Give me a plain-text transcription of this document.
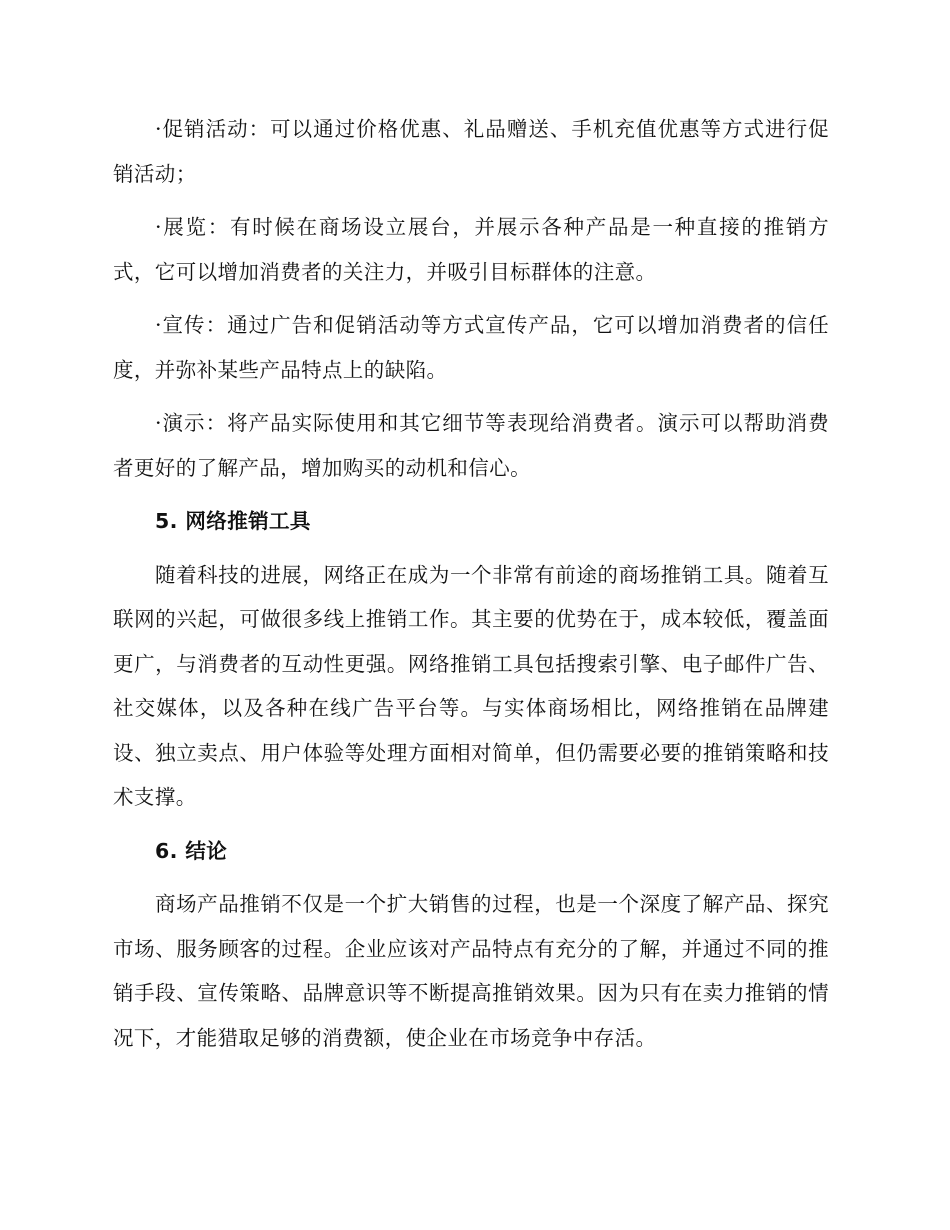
·促销活动：可以通过价格优惠、礼品赠送、手机充值优惠等方式进行促销活动；

·展览：有时候在商场设立展台，并展示各种产品是一种直接的推销方式，它可以增加消费者的关注力，并吸引目标群体的注意。

·宣传：通过广告和促销活动等方式宣传产品，它可以增加消费者的信任度，并弥补某些产品特点上的缺陷。

·演示：将产品实际使用和其它细节等表现给消费者。演示可以帮助消费者更好的了解产品，增加购买的动机和信心。

5. 网络推销工具

随着科技的进展，网络正在成为一个非常有前途的商场推销工具。随着互联网的兴起，可做很多线上推销工作。其主要的优势在于，成本较低，覆盖面更广，与消费者的互动性更强。网络推销工具包括搜索引擎、电子邮件广告、社交媒体，以及各种在线广告平台等。与实体商场相比，网络推销在品牌建设、独立卖点、用户体验等处理方面相对简单，但仍需要必要的推销策略和技术支撑。

6. 结论

商场产品推销不仅是一个扩大销售的过程，也是一个深度了解产品、探究市场、服务顾客的过程。企业应该对产品特点有充分的了解，并通过不同的推销手段、宣传策略、品牌意识等不断提高推销效果。因为只有在卖力推销的情况下，才能猎取足够的消费额，使企业在市场竞争中存活。
